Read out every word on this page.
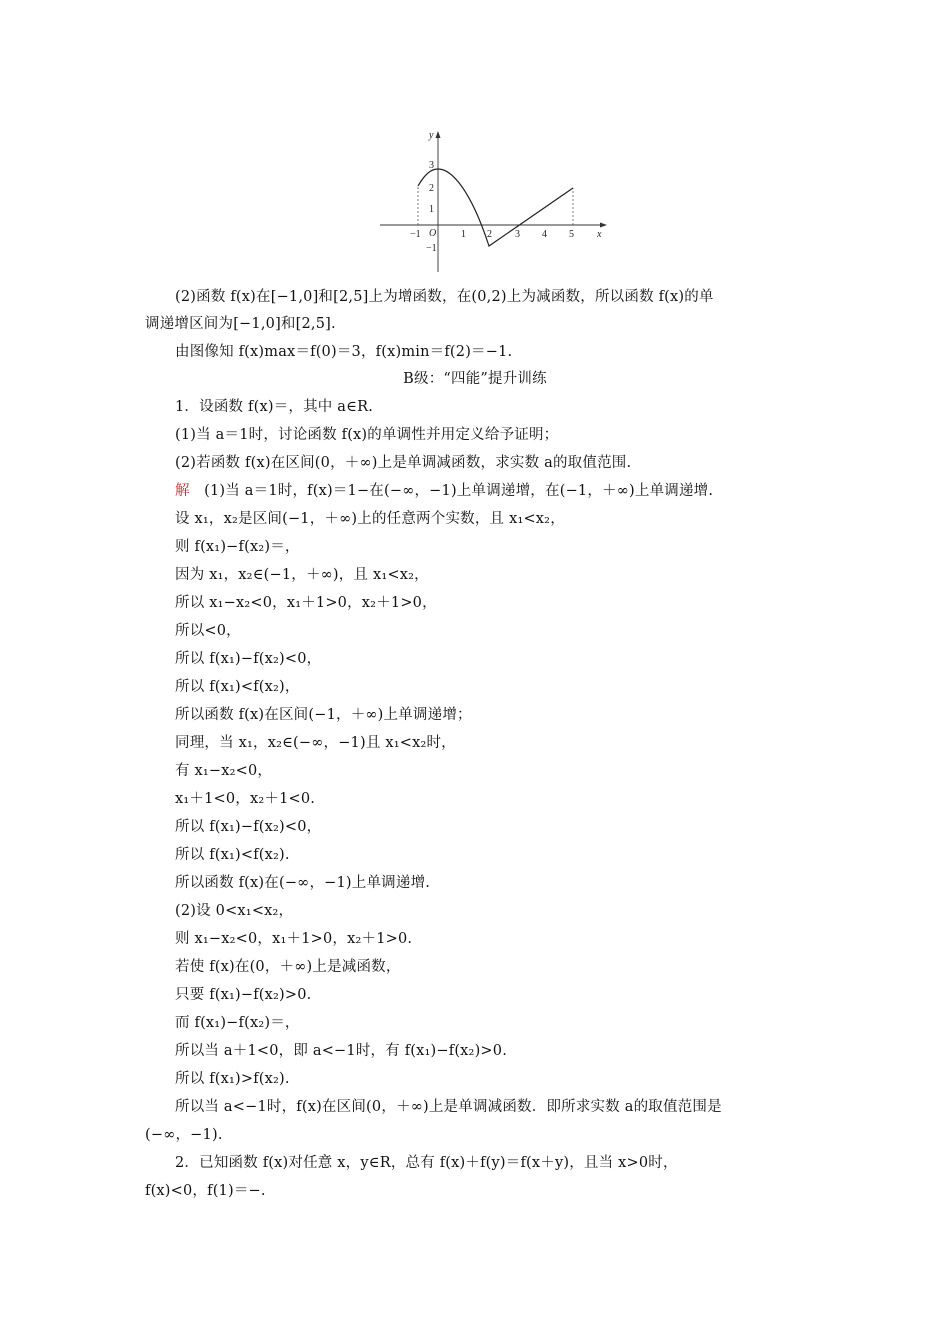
y
x
O
−1	1 2 3 4 5
3
2
1
−1
(2)函数 f(x)在[−1,0]和[2,5]上为增函数，在(0,2)上为减函数，所以函数 f(x)的单
调递增区间为[−1,0]和[2,5].
由图像知 f(x)max＝f(0)＝3，f(x)min＝f(2)＝−1.
B级：“四能”提升训练
1．设函数 f(x)＝，其中 a∈R.
(1)当 a＝1时，讨论函数 f(x)的单调性并用定义给予证明；
(2)若函数 f(x)在区间(0，＋∞)上是单调减函数，求实数 a的取值范围.
解 (1)当 a＝1时，f(x)＝1−在(−∞，−1)上单调递增，在(−1，＋∞)上单调递增.
设 x₁，x₂是区间(−1，＋∞)上的任意两个实数，且 x₁<x₂，
则 f(x₁)−f(x₂)＝，
因为 x₁，x₂∈(−1，＋∞)，且 x₁<x₂，
所以 x₁−x₂<0，x₁＋1>0，x₂＋1>0，
所以<0，
所以 f(x₁)−f(x₂)<0，
所以 f(x₁)<f(x₂)，
所以函数 f(x)在区间(−1，＋∞)上单调递增；
同理，当 x₁，x₂∈(−∞，−1)且 x₁<x₂时，
有 x₁−x₂<0，
x₁＋1<0，x₂＋1<0.
所以 f(x₁)−f(x₂)<0，
所以 f(x₁)<f(x₂).
所以函数 f(x)在(−∞，−1)上单调递增.
(2)设 0<x₁<x₂，
则 x₁−x₂<0，x₁＋1>0，x₂＋1>0.
若使 f(x)在(0，＋∞)上是减函数，
只要 f(x₁)−f(x₂)>0.
而 f(x₁)−f(x₂)＝，
所以当 a＋1<0，即 a<−1时，有 f(x₁)−f(x₂)>0.
所以 f(x₁)>f(x₂).
所以当 a<−1时，f(x)在区间(0，＋∞)上是单调减函数．即所求实数 a的取值范围是
(−∞，−1).
2．已知函数 f(x)对任意 x，y∈R，总有 f(x)＋f(y)＝f(x＋y)，且当 x>0时，
f(x)<0，f(1)＝−.
